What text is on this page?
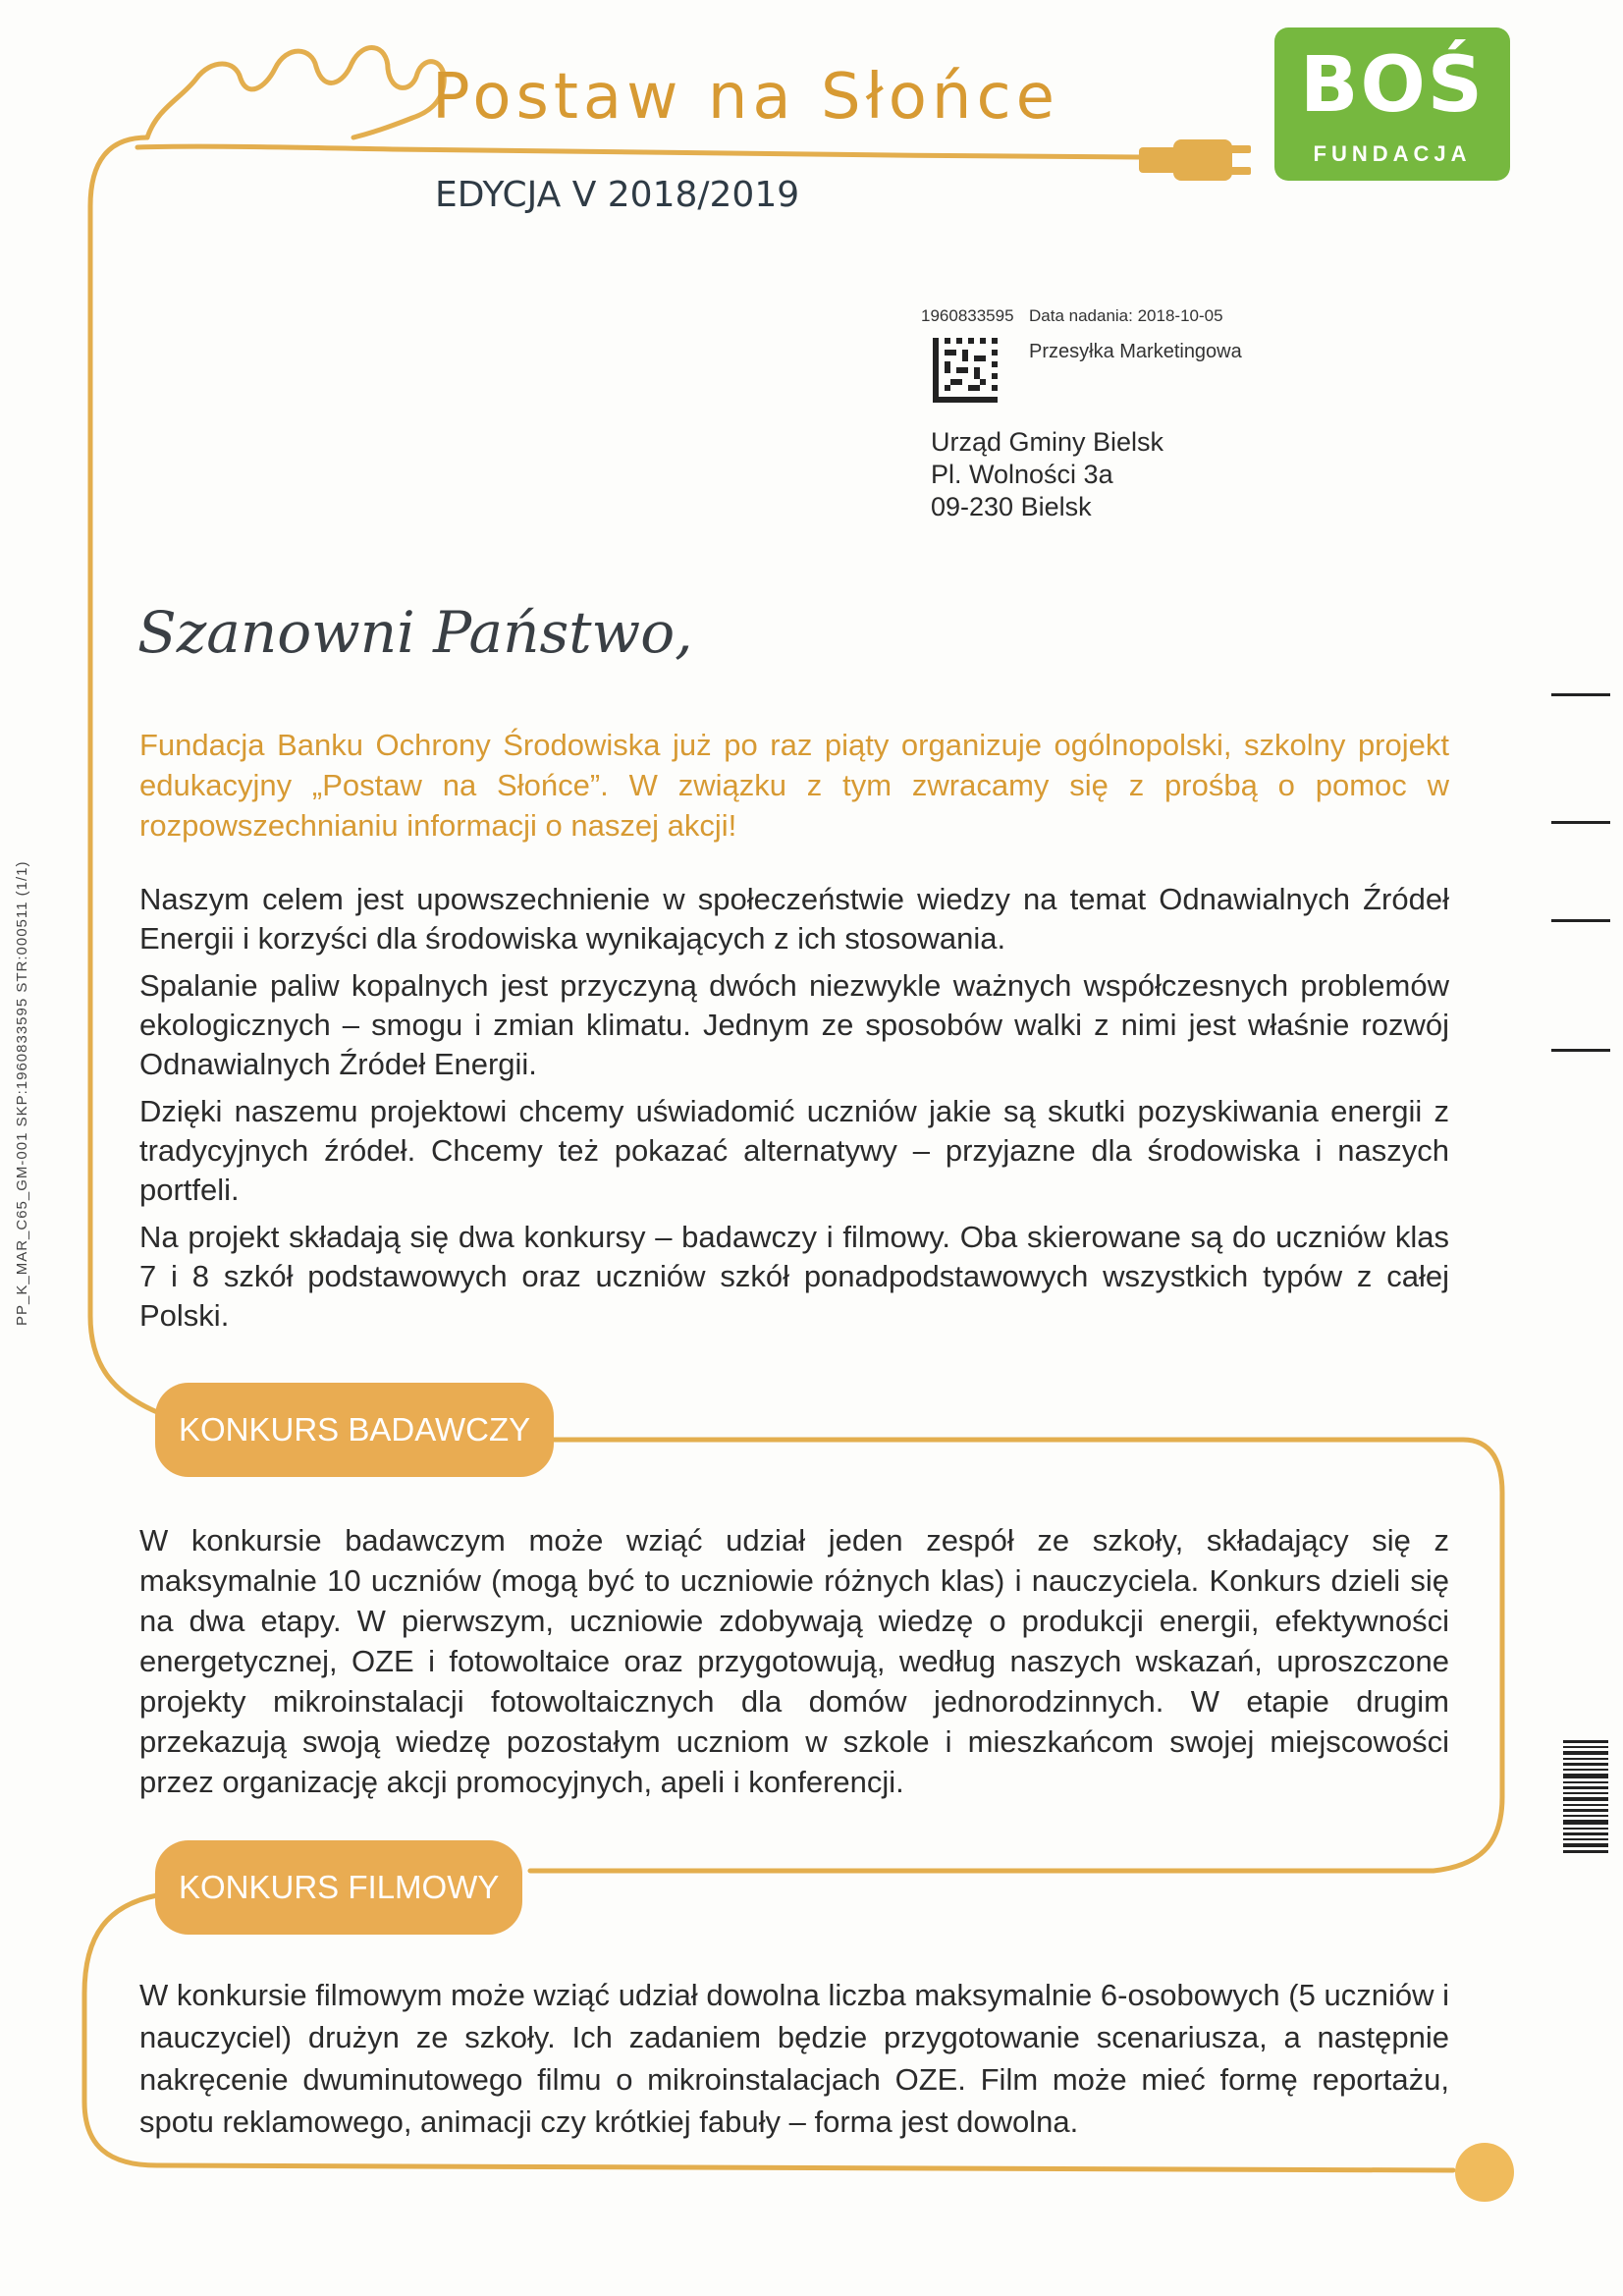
Postaw na Słońce
EDYCJA V 2018/2019
BOŚ
FUNDACJA
1960833595 Data nadania: 2018-10-05
Przesyłka Marketingowa
Urząd Gminy Bielsk
Pl. Wolności 3a
09-230 Bielsk
Szanowni Państwo,
Fundacja Banku Ochrony Środowiska już po raz piąty organizuje ogólnopolski, szkolny projekt edukacyjny „Postaw na Słońce”. W związku z tym zwracamy się z prośbą o pomoc w rozpowszechnianiu informacji o naszej akcji!

Naszym celem jest upowszechnienie w społeczeństwie wiedzy na temat Odnawialnych Źródeł Energii i korzyści dla środowiska wynikających z ich stosowania.

Spalanie paliw kopalnych jest przyczyną dwóch niezwykle ważnych współczesnych problemów ekologicznych – smogu i zmian klimatu. Jednym ze sposobów walki z nimi jest właśnie rozwój Odnawialnych Źródeł Energii.

Dzięki naszemu projektowi chcemy uświadomić uczniów jakie są skutki pozyskiwania energii z tradycyjnych źródeł. Chcemy też pokazać alternatywy – przyjazne dla środowiska i naszych portfeli.

Na projekt składają się dwa konkursy – badawczy i filmowy. Oba skierowane są do uczniów klas 7 i 8 szkół podstawowych oraz uczniów szkół ponadpodstawowych wszystkich typów z całej Polski.

KONKURS BADAWCZY
W konkursie badawczym może wziąć udział jeden zespół ze szkoły, składający się z maksymalnie 10 uczniów (mogą być to uczniowie różnych klas) i nauczyciela. Konkurs dzieli się na dwa etapy. W pierwszym, uczniowie zdobywają wiedzę o produkcji energii, efektywności energetycznej, OZE i fotowoltaice oraz przygotowują, według naszych wskazań, uproszczone projekty mikroinstalacji fotowoltaicznych dla domów jednorodzinnych. W etapie drugim przekazują swoją wiedzę pozostałym uczniom w szkole i mieszkańcom swojej miejscowości przez organizację akcji promocyjnych, apeli i konferencji.
KONKURS FILMOWY
W konkursie filmowym może wziąć udział dowolna liczba maksymalnie 6-osobowych (5 uczniów i nauczyciel) drużyn ze szkoły. Ich zadaniem będzie przygotowanie scenariusza, a następnie nakręcenie dwuminutowego filmu o mikroinstalacjach OZE. Film może mieć formę reportażu, spotu reklamowego, animacji czy krótkiej fabuły – forma jest dowolna.
PP_K_MAR_C65_GM-001 SKP:1960833595 STR:000511 (1/1)
